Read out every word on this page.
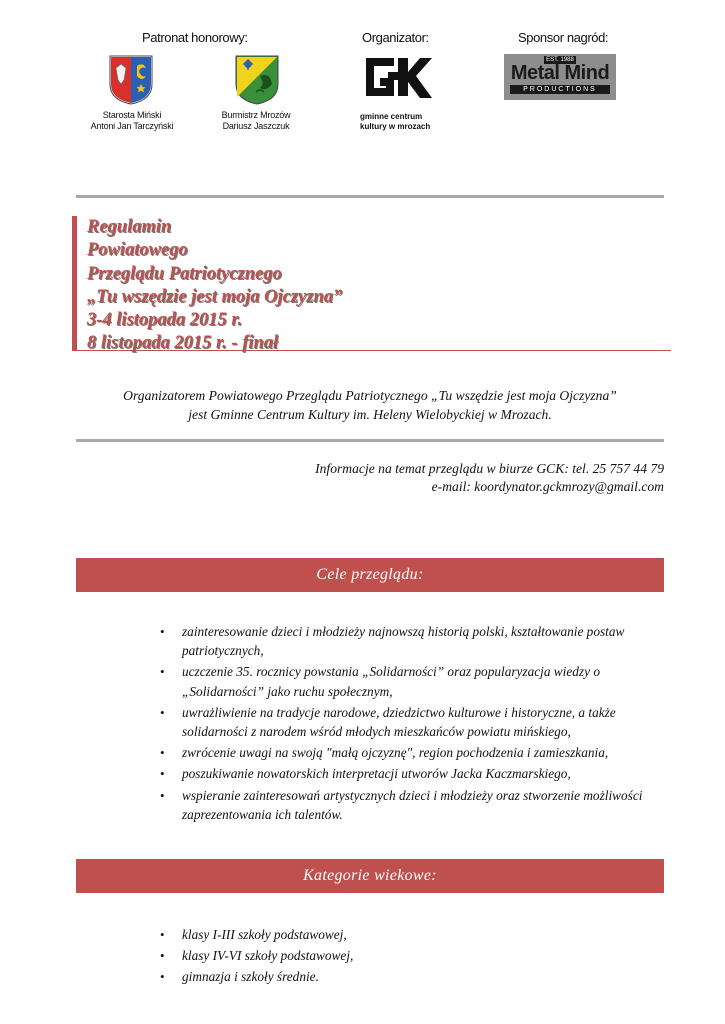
Patronat honorowy:	Organizator:	Sponsor nagród:
Starosta Miński
Antoni Jan Tarczyński
Burmistrz Mrozów
Dariusz Jaszczuk
gminne centrum
kultury w mrozach
EST. 1988
Metal Mind
PRODUCTIONS
Regulamin
Powiatowego
Przeglądu Patriotycznego
„Tu wszędzie jest moja Ojczyzna”
3-4 listopada 2015 r.
8 listopada 2015 r. - finał
Organizatorem Powiatowego Przeglądu Patriotycznego „Tu wszędzie jest moja Ojczyzna”
jest Gminne Centrum Kultury im. Heleny Wielobyckiej w Mrozach.
Informacje na temat przeglądu w biurze GCK: tel. 25 757 44 79
e-mail: koordynator.gckmrozy@gmail.com
Cele przeglądu:
• zainteresowanie dzieci i młodzieży najnowszą historią polski, kształtowanie postaw patriotycznych,
• uczczenie 35. rocznicy powstania „Solidarności” oraz popularyzacja wiedzy o „Solidarności” jako ruchu społecznym,
• uwrażliwienie na tradycje narodowe, dziedzictwo kulturowe i historyczne, a także solidarności z narodem wśród młodych mieszkańców powiatu mińskiego,
• zwrócenie uwagi na swoją "małą ojczyznę", region pochodzenia i zamieszkania,
• poszukiwanie nowatorskich interpretacji utworów Jacka Kaczmarskiego,
• wspieranie zainteresowań artystycznych dzieci i młodzieży oraz stworzenie możliwości zaprezentowania ich talentów.
Kategorie wiekowe:
• klasy I-III szkoły podstawowej,
• klasy IV-VI szkoły podstawowej,
• gimnazja i szkoły średnie.
